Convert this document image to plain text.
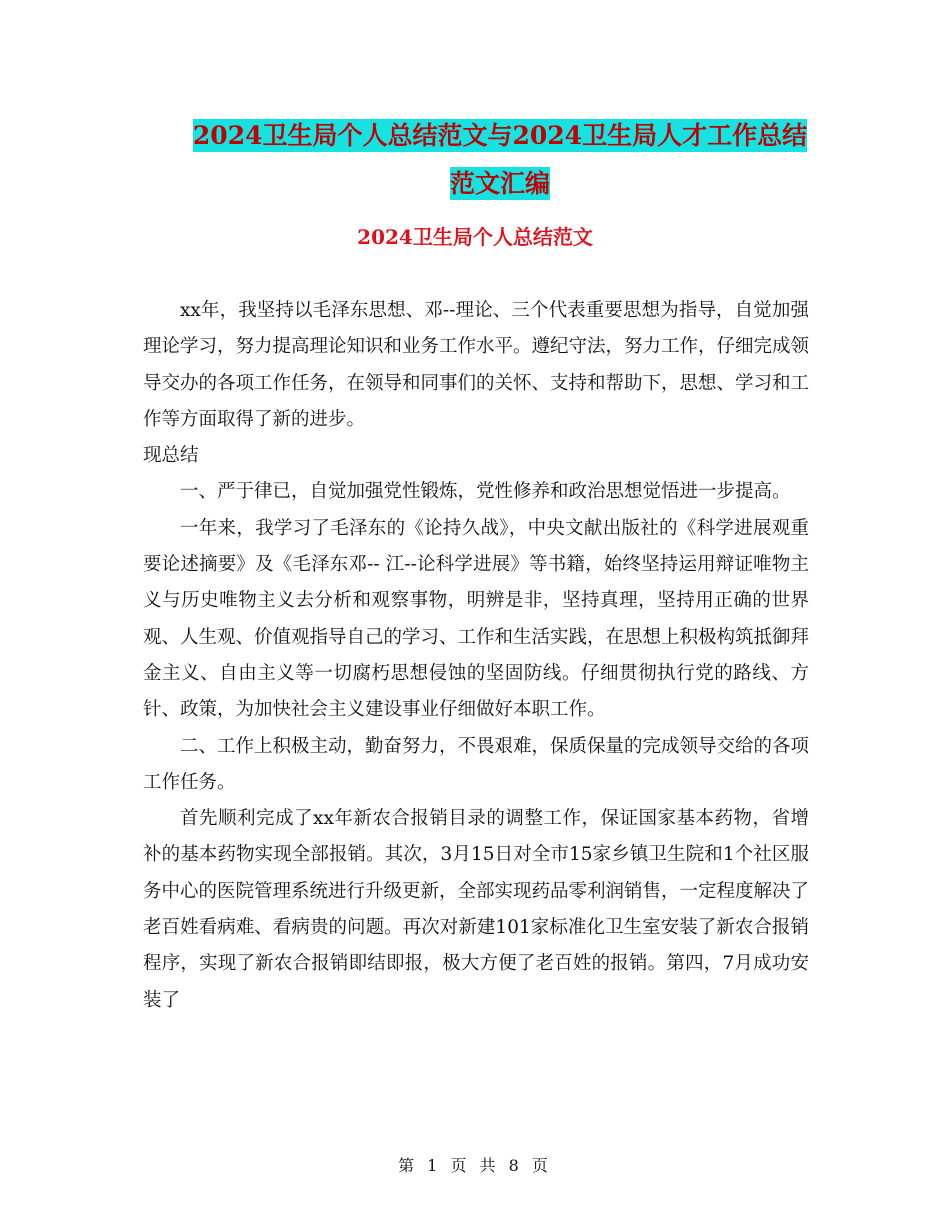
2024卫生局个人总结范文与2024卫生局人才工作总结
范文汇编
2024卫生局个人总结范文

xx年，我坚持以毛泽东思想、邓--理论、三个代表重要思想为指导，自觉加强理论学习，努力提高理论知识和业务工作水平。遵纪守法，努力工作，仔细完成领导交办的各项工作任务，在领导和同事们的关怀、支持和帮助下，思想、学习和工作等方面取得了新的进步。

现总结

一、严于律已，自觉加强党性锻炼，党性修养和政治思想觉悟进一步提高。

一年来，我学习了毛泽东的《论持久战》，中央文献出版社的《科学进展观重要论述摘要》及《毛泽东邓-- 江--论科学进展》等书籍，始终坚持运用辩证唯物主义与历史唯物主义去分析和观察事物，明辨是非，坚持真理，坚持用正确的世界观、人生观、价值观指导自己的学习、工作和生活实践，在思想上积极构筑抵御拜金主义、自由主义等一切腐朽思想侵蚀的坚固防线。仔细贯彻执行党的路线、方针、政策，为加快社会主义建设事业仔细做好本职工作。

二、工作上积极主动，勤奋努力，不畏艰难，保质保量的完成领导交给的各项工作任务。

首先顺利完成了xx年新农合报销目录的调整工作，保证国家基本药物，省增补的基本药物实现全部报销。其次，3月15日对全市15家乡镇卫生院和1个社区服务中心的医院管理系统进行升级更新，全部实现药品零利润销售，一定程度解决了老百姓看病难、看病贵的问题。再次对新建101家标准化卫生室安装了新农合报销程序，实现了新农合报销即结即报，极大方便了老百姓的报销。第四，7月成功安装了

第 1 页 共 8 页
